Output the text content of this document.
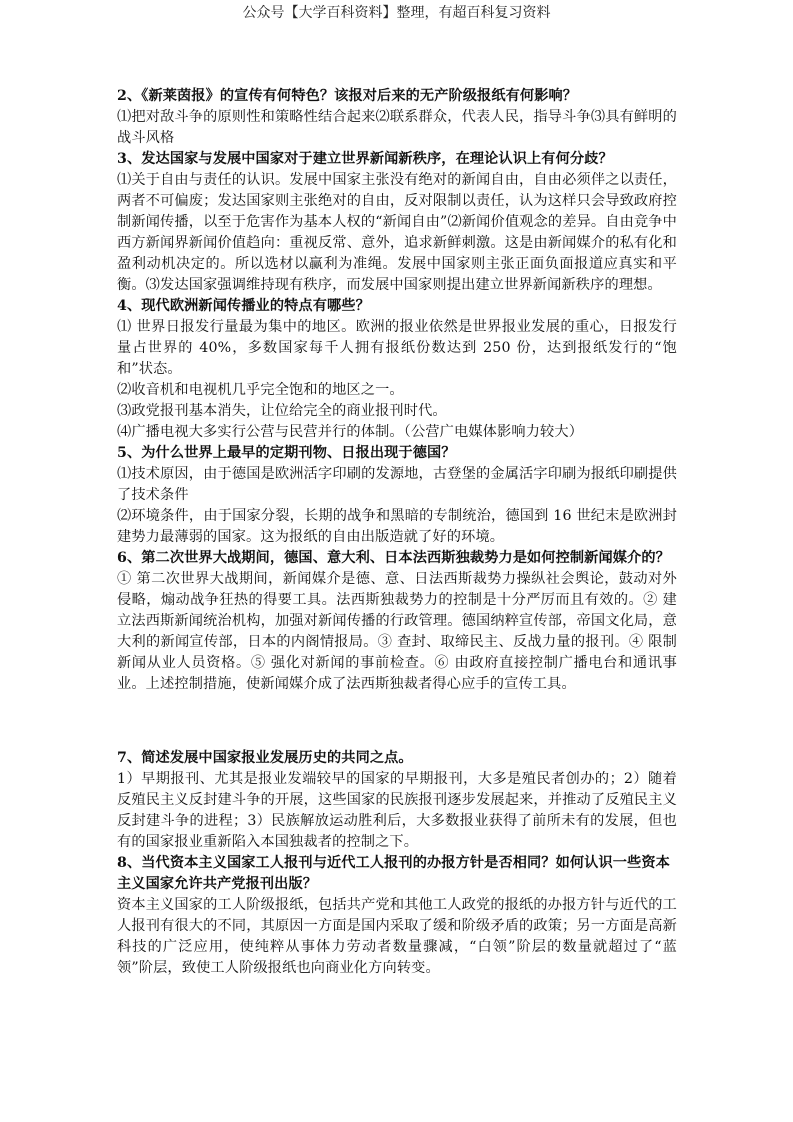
公众号【大学百科资料】整理，有超百科复习资料

2、《新莱茵报》的宣传有何特色？该报对后来的无产阶级报纸有何影响？

⑴把对敌斗争的原则性和策略性结合起来⑵联系群众，代表人民，指导斗争⑶具有鲜明的战斗风格

3、发达国家与发展中国家对于建立世界新闻新秩序，在理论认识上有何分歧？

⑴关于自由与责任的认识。发展中国家主张没有绝对的新闻自由，自由必须伴之以责任，两者不可偏废；发达国家则主张绝对的自由，反对限制以责任，认为这样只会导致政府控制新闻传播，以至于危害作为基本人权的“新闻自由”⑵新闻价值观念的差异。自由竞争中西方新闻界新闻价值趋向：重视反常、意外，追求新鲜刺激。这是由新闻媒介的私有化和盈利动机决定的。所以选材以赢利为准绳。发展中国家则主张正面负面报道应真实和平衡。⑶发达国家强调维持现有秩序，而发展中国家则提出建立世界新闻新秩序的理想。

4、现代欧洲新闻传播业的特点有哪些？

⑴ 世界日报发行量最为集中的地区。欧洲的报业依然是世界报业发展的重心，日报发行量占世界的 40%，多数国家每千人拥有报纸份数达到 250 份，达到报纸发行的“饱和”状态。

⑵收音机和电视机几乎完全饱和的地区之一。

⑶政党报刊基本消失，让位给完全的商业报刊时代。

⑷广播电视大多实行公营与民营并行的体制。（公营广电媒体影响力较大）

5、为什么世界上最早的定期刊物、日报出现于德国？

⑴技术原因，由于德国是欧洲活字印刷的发源地，古登堡的金属活字印刷为报纸印刷提供了技术条件

⑵环境条件，由于国家分裂，长期的战争和黑暗的专制统治，德国到 16 世纪末是欧洲封建势力最薄弱的国家。这为报纸的自由出版造就了好的环境。

6、第二次世界大战期间，德国、意大利、日本法西斯独裁势力是如何控制新闻媒介的？

① 第二次世界大战期间，新闻媒介是德、意、日法西斯裁势力操纵社会舆论，鼓动对外侵略，煽动战争狂热的得要工具。法西斯独裁势力的控制是十分严厉而且有效的。② 建立法西斯新闻统治机构，加强对新闻传播的行政管理。德国纳粹宣传部，帝国文化局，意大利的新闻宣传部，日本的内阁情报局。③ 查封、取缔民主、反战力量的报刊。④ 限制新闻从业人员资格。⑤ 强化对新闻的事前检查。⑥ 由政府直接控制广播电台和通讯事业。上述控制措施，使新闻媒介成了法西斯独裁者得心应手的宣传工具。

7、简述发展中国家报业发展历史的共同之点。

1）早期报刊、尤其是报业发端较早的国家的早期报刊，大多是殖民者创办的；2）随着反殖民主义反封建斗争的开展，这些国家的民族报刊逐步发展起来，并推动了反殖民主义反封建斗争的进程；3）民族解放运动胜利后，大多数报业获得了前所未有的发展，但也有的国家报业重新陷入本国独裁者的控制之下。

8、当代资本主义国家工人报刊与近代工人报刊的办报方针是否相同？如何认识一些资本主义国家允许共产党报刊出版？

资本主义国家的工人阶级报纸，包括共产党和其他工人政党的报纸的办报方针与近代的工人报刊有很大的不同，其原因一方面是国内采取了缓和阶级矛盾的政策；另一方面是高新科技的广泛应用，使纯粹从事体力劳动者数量骤减，“白领”阶层的数量就超过了“蓝领”阶层，致使工人阶级报纸也向商业化方向转变。
